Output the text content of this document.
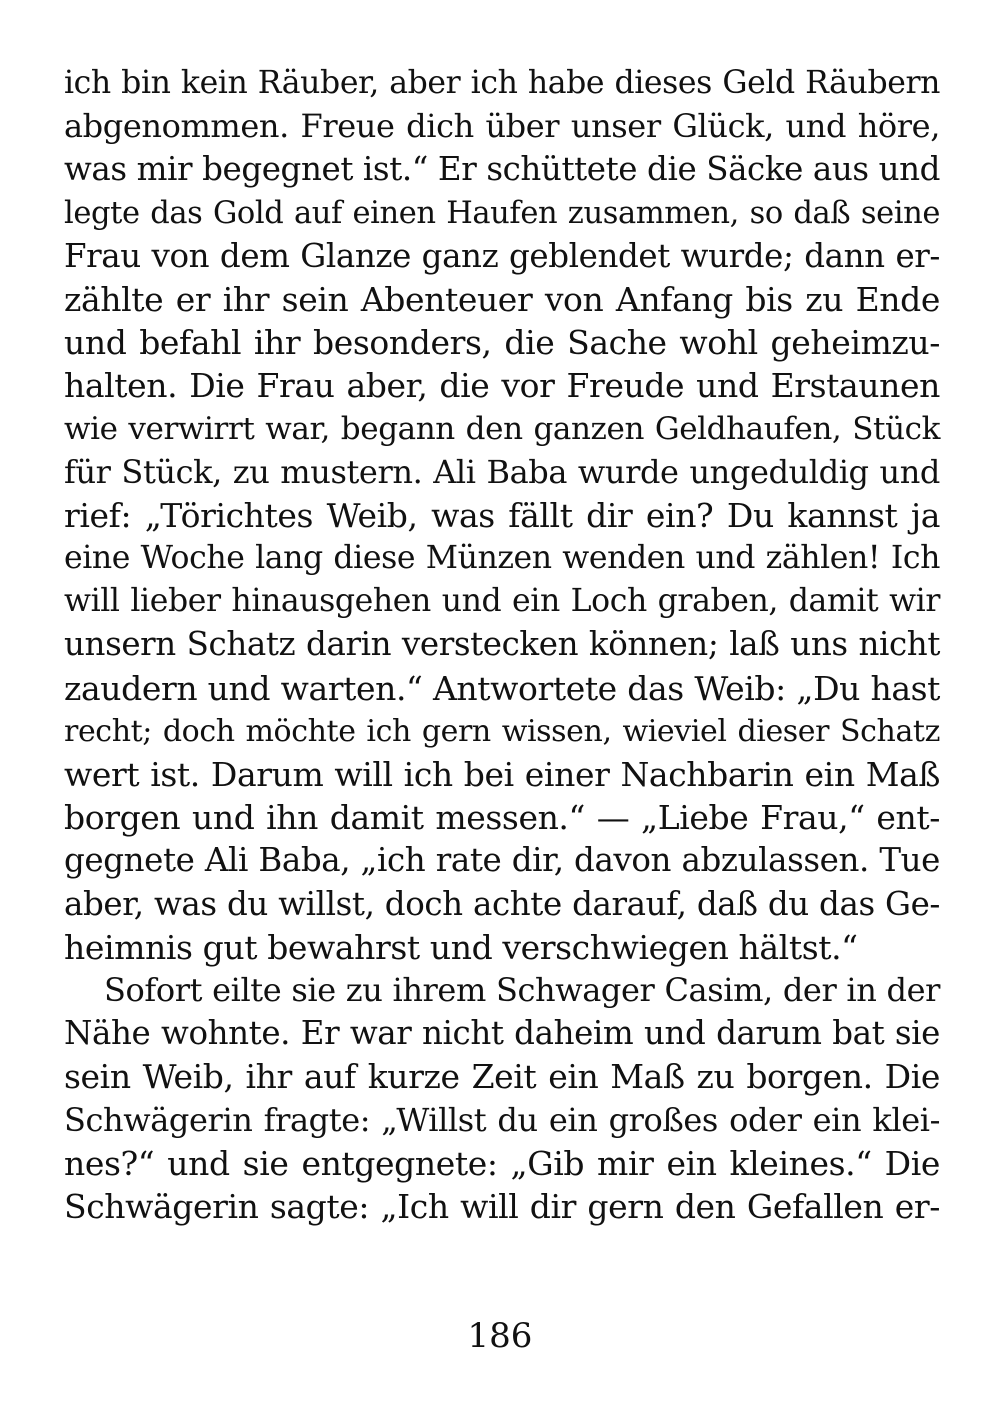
ich bin kein Räuber, aber ich habe dieses Geld Räubern
abgenommen. Freue dich über unser Glück, und höre,
was mir begegnet ist.“ Er schüttete die Säcke aus und
legte das Gold auf einen Haufen zusammen, so daß seine
Frau von dem Glanze ganz geblendet wurde; dann er-
zählte er ihr sein Abenteuer von Anfang bis zu Ende
und befahl ihr besonders, die Sache wohl geheimzu-
halten. Die Frau aber, die vor Freude und Erstaunen
wie verwirrt war, begann den ganzen Geldhaufen, Stück
für Stück, zu mustern. Ali Baba wurde ungeduldig und
rief: „Törichtes Weib, was fällt dir ein? Du kannst ja
eine Woche lang diese Münzen wenden und zählen! Ich
will lieber hinausgehen und ein Loch graben, damit wir
unsern Schatz darin verstecken können; laß uns nicht
zaudern und warten.“ Antwortete das Weib: „Du hast
recht; doch möchte ich gern wissen, wieviel dieser Schatz
wert ist. Darum will ich bei einer Nachbarin ein Maß
borgen und ihn damit messen.“ — „Liebe Frau,“ ent-
gegnete Ali Baba, „ich rate dir, davon abzulassen. Tue
aber, was du willst, doch achte darauf, daß du das Ge-
heimnis gut bewahrst und verschwiegen hältst.“
Sofort eilte sie zu ihrem Schwager Casim, der in der
Nähe wohnte. Er war nicht daheim und darum bat sie
sein Weib, ihr auf kurze Zeit ein Maß zu borgen. Die
Schwägerin fragte: „Willst du ein großes oder ein klei-
nes?“ und sie entgegnete: „Gib mir ein kleines.“ Die
Schwägerin sagte: „Ich will dir gern den Gefallen er-
186
